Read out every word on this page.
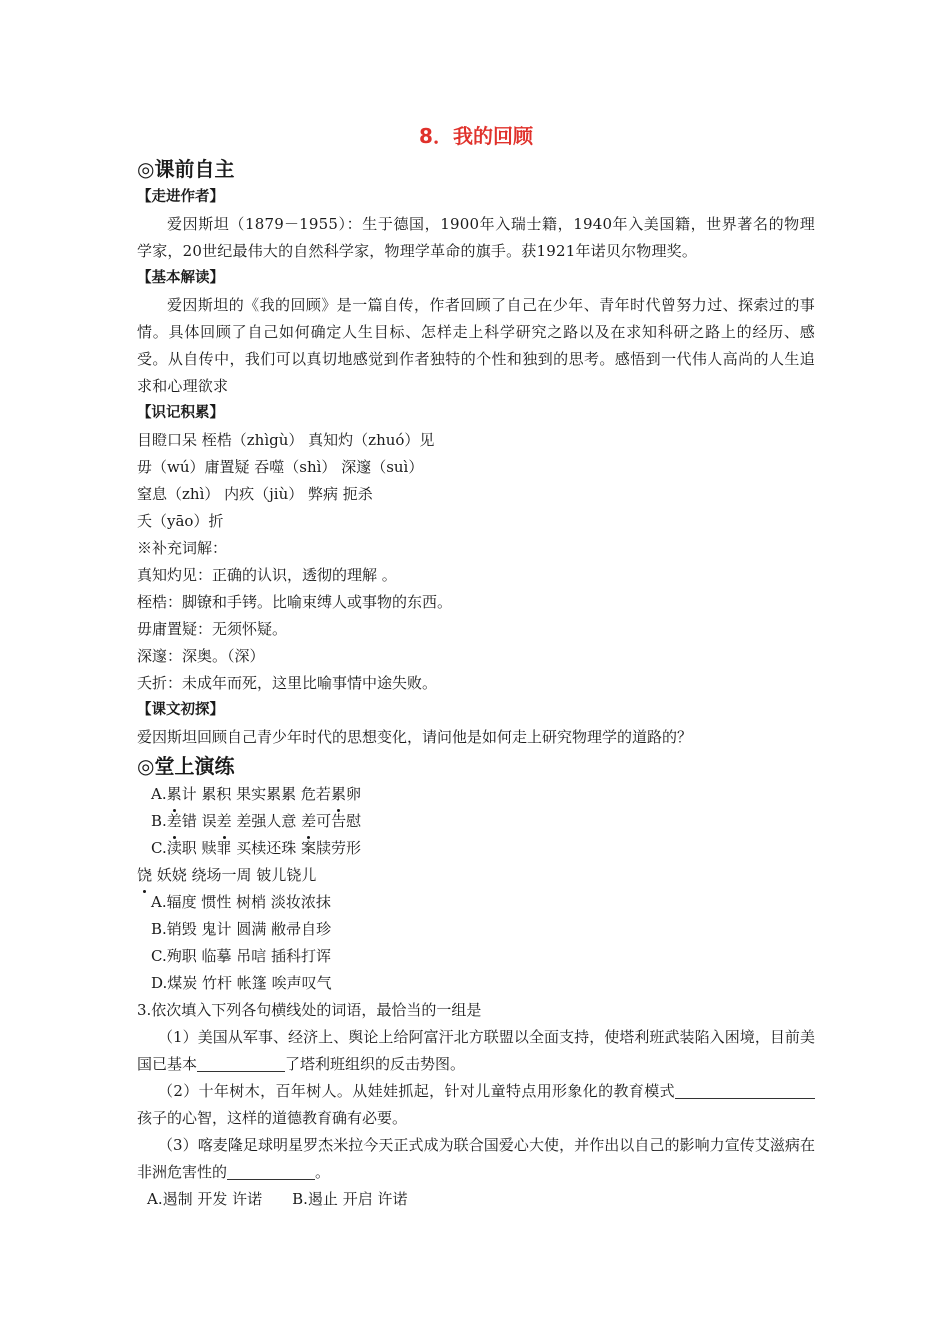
8．我的回顾
◎课前自主
【走进作者】

爱因斯坦（1879－1955）：生于德国，1900年入瑞士籍，1940年入美国籍，世界著名的物理学家，20世纪最伟大的自然科学家，物理学革命的旗手。获1921年诺贝尔物理奖。

【基本解读】

爱因斯坦的《我的回顾》是一篇自传，作者回顾了自己在少年、青年时代曾努力过、探索过的事情。具体回顾了自己如何确定人生目标、怎样走上科学研究之路以及在求知科研之路上的经历、感受。从自传中，我们可以真切地感觉到作者独特的个性和独到的思考。感悟到一代伟人高尚的人生追求和心理欲求

【识记积累】
目瞪口呆 桎梏（zhìgù） 真知灼（zhuó）见
毋（wú）庸置疑 吞噬（shì） 深邃（suì）
窒息（zhì） 内疚（jiù） 弊病 扼杀
夭（yāo）折
※补充词解：
真知灼见：正确的认识，透彻的理解 。
桎梏：脚镣和手铐。比喻束缚人或事物的东西。
毋庸置疑：无须怀疑。
深邃：深奥。（深）
夭折：未成年而死，这里比喻事情中途失败。
【课文初探】
爱因斯坦回顾自己青少年时代的思想变化，请问他是如何走上研究物理学的道路的？
◎堂上演练
A.累计 累积 果实累累 危若累卵
B.差错 误差 差强人意 差可告慰
C.渎职 赎罪 买椟还珠 案牍劳形
饶 妖娆 绕场一周 铍儿铙儿
A.辐度 惯性 树梢 淡妆浓抹
B.销毁 鬼计 圆满 敝帚自珍
C.殉职 临摹 吊唁 插科打诨
D.煤炭 竹杆 帐篷 唉声叹气
3.依次填入下列各句横线处的词语，最恰当的一组是

（1）美国从军事、经济上、舆论上给阿富汗北方联盟以全面支持，使塔利班武装陷入困境，目前美国已基本	了塔利班组织的反击势图。

（2）十年树木，百年树人。从娃娃抓起，针对儿童特点用形象化的教育模式孩子的心智，这样的道德教育确有必要。

（3）喀麦隆足球明星罗杰米拉今天正式成为联合国爱心大使，并作出以自己的影响力宣传艾滋病在非洲危害性的	。

A.遏制 开发 许诺　　B.遏止 开启 许诺
